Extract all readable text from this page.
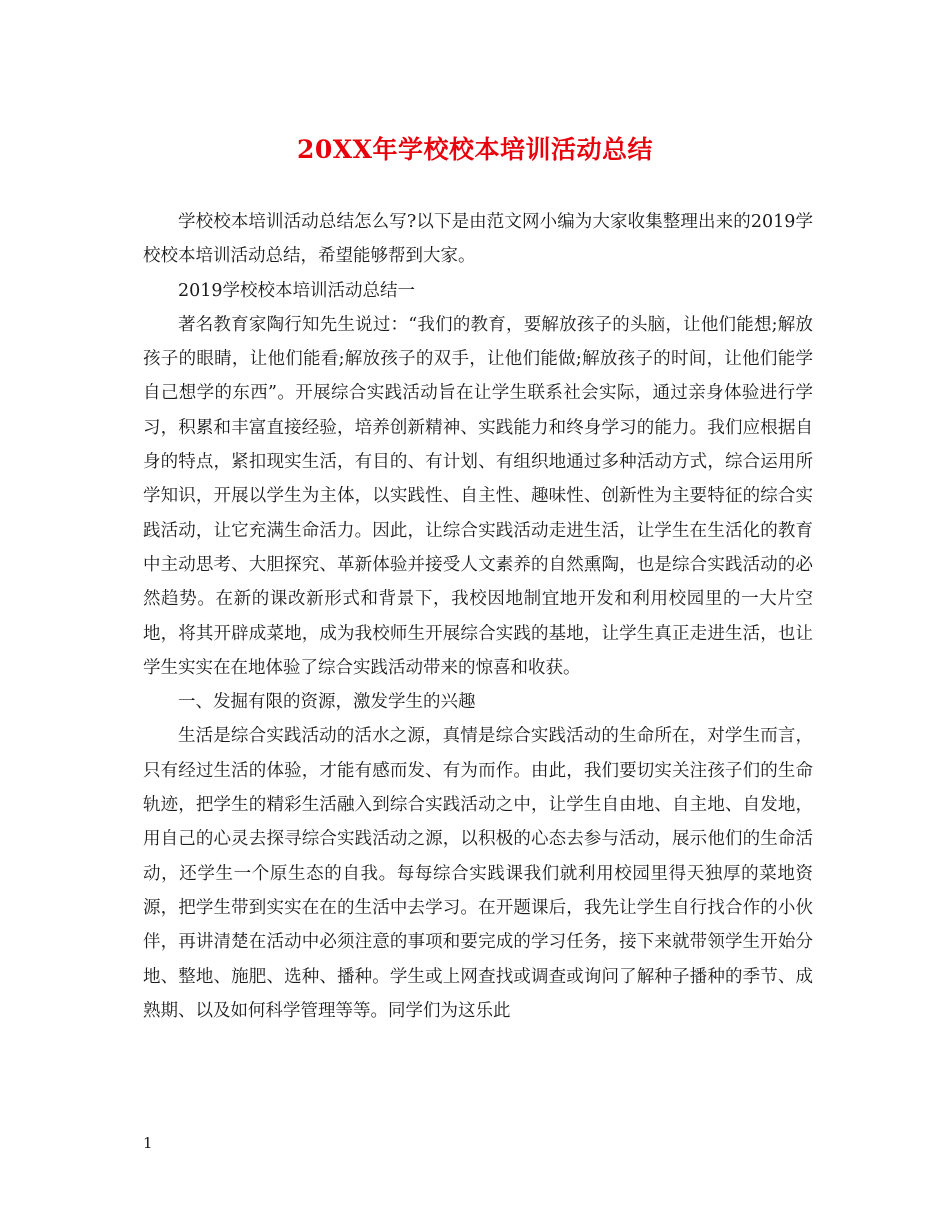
20XX年学校校本培训活动总结

学校校本培训活动总结怎么写?以下是由范文网小编为大家收集整理出来的2019学校校本培训活动总结，希望能够帮到大家。

2019学校校本培训活动总结一

著名教育家陶行知先生说过：“我们的教育，要解放孩子的头脑，让他们能想;解放孩子的眼睛，让他们能看;解放孩子的双手，让他们能做;解放孩子的时间，让他们能学自己想学的东西”。开展综合实践活动旨在让学生联系社会实际，通过亲身体验进行学习，积累和丰富直接经验，培养创新精神、实践能力和终身学习的能力。我们应根据自身的特点，紧扣现实生活，有目的、有计划、有组织地通过多种活动方式，综合运用所学知识，开展以学生为主体，以实践性、自主性、趣味性、创新性为主要特征的综合实践活动，让它充满生命活力。因此，让综合实践活动走进生活，让学生在生活化的教育中主动思考、大胆探究、革新体验并接受人文素养的自然熏陶，也是综合实践活动的必然趋势。在新的课改新形式和背景下，我校因地制宜地开发和利用校园里的一大片空地，将其开辟成菜地，成为我校师生开展综合实践的基地，让学生真正走进生活，也让学生实实在在地体验了综合实践活动带来的惊喜和收获。

一、发掘有限的资源，激发学生的兴趣

生活是综合实践活动的活水之源，真情是综合实践活动的生命所在，对学生而言，只有经过生活的体验，才能有感而发、有为而作。由此，我们要切实关注孩子们的生命轨迹，把学生的精彩生活融入到综合实践活动之中，让学生自由地、自主地、自发地，用自己的心灵去探寻综合实践活动之源，以积极的心态去参与活动，展示他们的生命活动，还学生一个原生态的自我。每每综合实践课我们就利用校园里得天独厚的菜地资源，把学生带到实实在在的生活中去学习。在开题课后，我先让学生自行找合作的小伙伴，再讲清楚在活动中必须注意的事项和要完成的学习任务，接下来就带领学生开始分地、整地、施肥、选种、播种。学生或上网查找或调查或询问了解种子播种的季节、成熟期、以及如何科学管理等等。同学们为这乐此

1
